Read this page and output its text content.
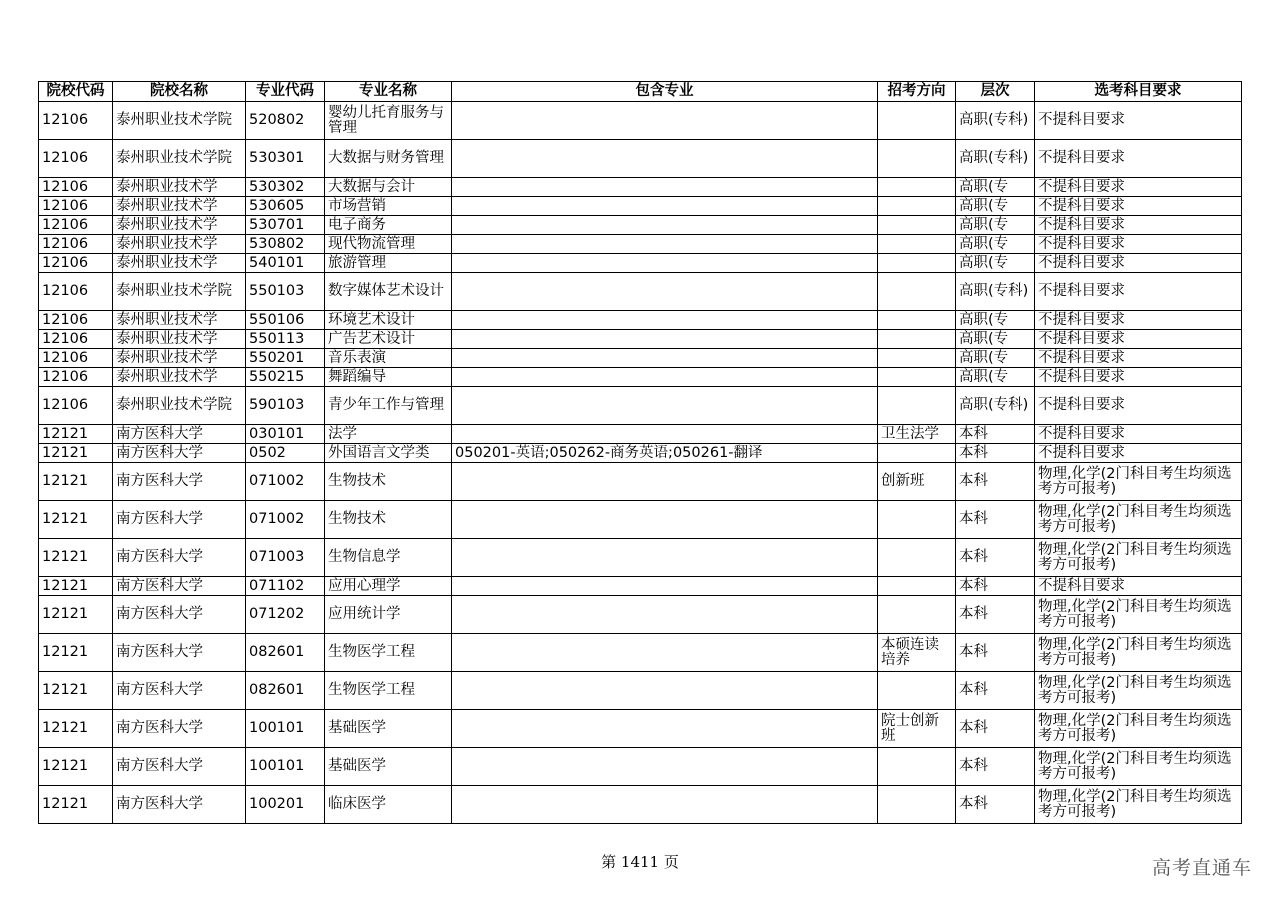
院校代码	院校名称	专业代码	专业名称	包含专业	招考方向	层次	选考科目要求
12106	泰州职业技术学院	520802	婴幼儿托育服务与管理			高职(专科)	不提科目要求
12106	泰州职业技术学院	530301	大数据与财务管理			高职(专科)	不提科目要求
12106	泰州职业技术学	530302	大数据与会计			高职(专	不提科目要求
12106	泰州职业技术学	530605	市场营销			高职(专	不提科目要求
12106	泰州职业技术学	530701	电子商务			高职(专	不提科目要求
12106	泰州职业技术学	530802	现代物流管理			高职(专	不提科目要求
12106	泰州职业技术学	540101	旅游管理			高职(专	不提科目要求
12106	泰州职业技术学院	550103	数字媒体艺术设计			高职(专科)	不提科目要求
12106	泰州职业技术学	550106	环境艺术设计			高职(专	不提科目要求
12106	泰州职业技术学	550113	广告艺术设计			高职(专	不提科目要求
12106	泰州职业技术学	550201	音乐表演			高职(专	不提科目要求
12106	泰州职业技术学	550215	舞蹈编导			高职(专	不提科目要求
12106	泰州职业技术学院	590103	青少年工作与管理			高职(专科)	不提科目要求
12121	南方医科大学	030101	法学		卫生法学	本科	不提科目要求
12121	南方医科大学	0502	外国语言文学类	050201-英语;050262-商务英语;050261-翻译		本科	不提科目要求
12121	南方医科大学	071002	生物技术		创新班	本科	物理,化学(2门科目考生均须选考方可报考)
12121	南方医科大学	071002	生物技术			本科	物理,化学(2门科目考生均须选考方可报考)
12121	南方医科大学	071003	生物信息学			本科	物理,化学(2门科目考生均须选考方可报考)
12121	南方医科大学	071102	应用心理学			本科	不提科目要求
12121	南方医科大学	071202	应用统计学			本科	物理,化学(2门科目考生均须选考方可报考)
12121	南方医科大学	082601	生物医学工程		本硕连读培养	本科	物理,化学(2门科目考生均须选考方可报考)
12121	南方医科大学	082601	生物医学工程			本科	物理,化学(2门科目考生均须选考方可报考)
12121	南方医科大学	100101	基础医学		院士创新班	本科	物理,化学(2门科目考生均须选考方可报考)
12121	南方医科大学	100101	基础医学			本科	物理,化学(2门科目考生均须选考方可报考)
12121	南方医科大学	100201	临床医学			本科	物理,化学(2门科目考生均须选考方可报考)
第 1411 页	高考直通车
